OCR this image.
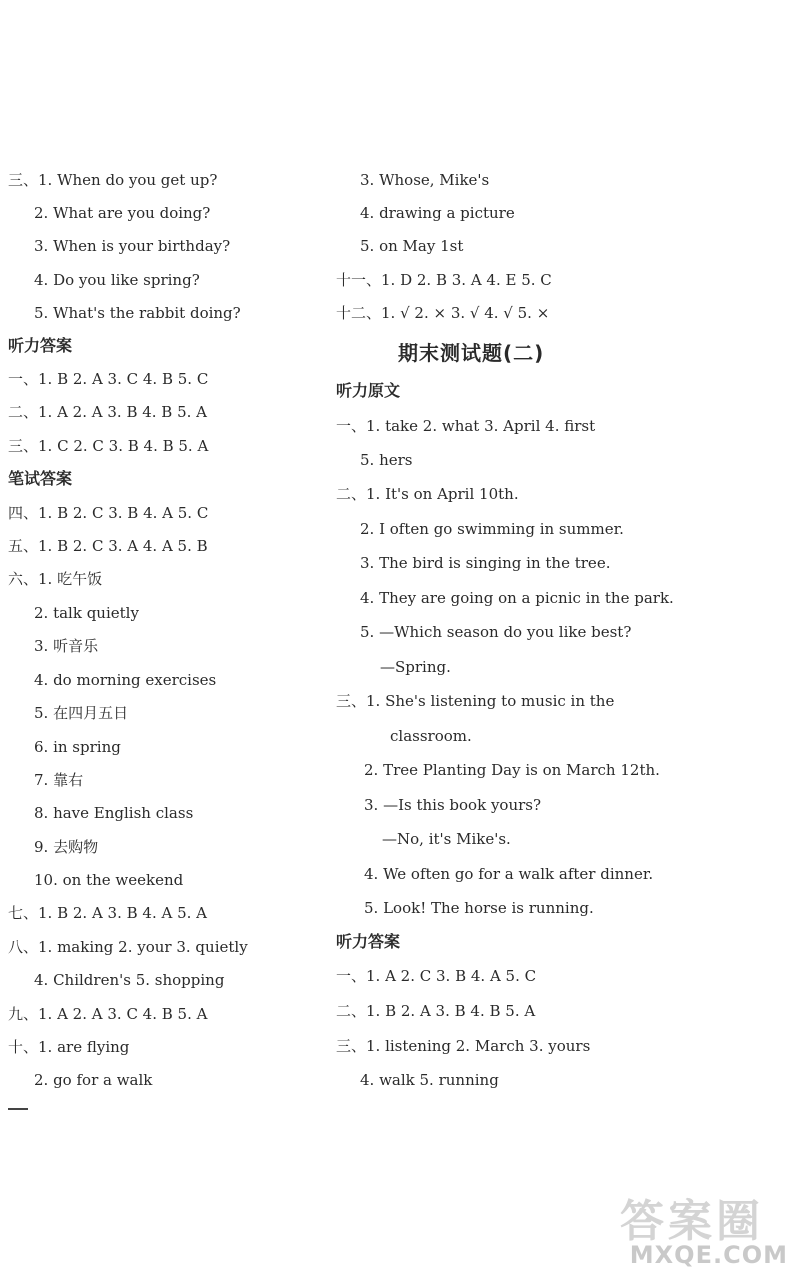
三、1. When do you get up?
2. What are you doing?
3. When is your birthday?
4. Do you like spring?
5. What's the rabbit doing?
听力答案
一、1. B 2. A 3. C 4. B 5. C
二、1. A 2. A 3. B 4. B 5. A
三、1. C 2. C 3. B 4. B 5. A
笔试答案
四、1. B 2. C 3. B 4. A 5. C
五、1. B 2. C 3. A 4. A 5. B
六、1. 吃午饭
2. talk quietly
3. 听音乐
4. do morning exercises
5. 在四月五日
6. in spring
7. 靠右
8. have English class
9. 去购物
10. on the weekend
七、1. B 2. A 3. B 4. A 5. A
八、1. making 2. your 3. quietly
4. Children's 5. shopping
九、1. A 2. A 3. C 4. B 5. A
十、1. are flying
2. go for a walk
3. Whose, Mike's
4. drawing a picture
5. on May 1st
十一、1. D 2. B 3. A 4. E 5. C
十二、1. √ 2. × 3. √ 4. √ 5. ×
期末测试题(二)
听力原文
一、1. take 2. what 3. April 4. first
5. hers
二、1. It's on April 10th.
2. I often go swimming in summer.
3. The bird is singing in the tree.
4. They are going on a picnic in the park.
5. —Which season do you like best?
—Spring.
三、1. She's listening to music in the
classroom.
2. Tree Planting Day is on March 12th.
3. —Is this book yours?
—No, it's Mike's.
4. We often go for a walk after dinner.
5. Look! The horse is running.
听力答案
一、1. A 2. C 3. B 4. A 5. C
二、1. B 2. A 3. B 4. B 5. A
三、1. listening 2. March 3. yours
4. walk 5. running
答案圈
MXQE.COM
